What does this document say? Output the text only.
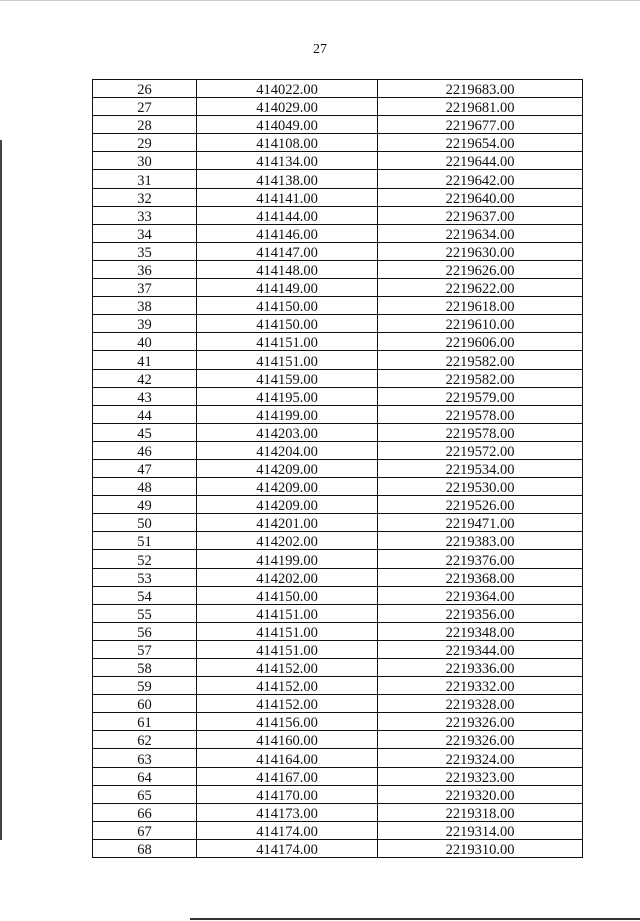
27
26	414022.00	2219683.00
27	414029.00	2219681.00
28	414049.00	2219677.00
29	414108.00	2219654.00
30	414134.00	2219644.00
31	414138.00	2219642.00
32	414141.00	2219640.00
33	414144.00	2219637.00
34	414146.00	2219634.00
35	414147.00	2219630.00
36	414148.00	2219626.00
37	414149.00	2219622.00
38	414150.00	2219618.00
39	414150.00	2219610.00
40	414151.00	2219606.00
41	414151.00	2219582.00
42	414159.00	2219582.00
43	414195.00	2219579.00
44	414199.00	2219578.00
45	414203.00	2219578.00
46	414204.00	2219572.00
47	414209.00	2219534.00
48	414209.00	2219530.00
49	414209.00	2219526.00
50	414201.00	2219471.00
51	414202.00	2219383.00
52	414199.00	2219376.00
53	414202.00	2219368.00
54	414150.00	2219364.00
55	414151.00	2219356.00
56	414151.00	2219348.00
57	414151.00	2219344.00
58	414152.00	2219336.00
59	414152.00	2219332.00
60	414152.00	2219328.00
61	414156.00	2219326.00
62	414160.00	2219326.00
63	414164.00	2219324.00
64	414167.00	2219323.00
65	414170.00	2219320.00
66	414173.00	2219318.00
67	414174.00	2219314.00
68	414174.00	2219310.00
